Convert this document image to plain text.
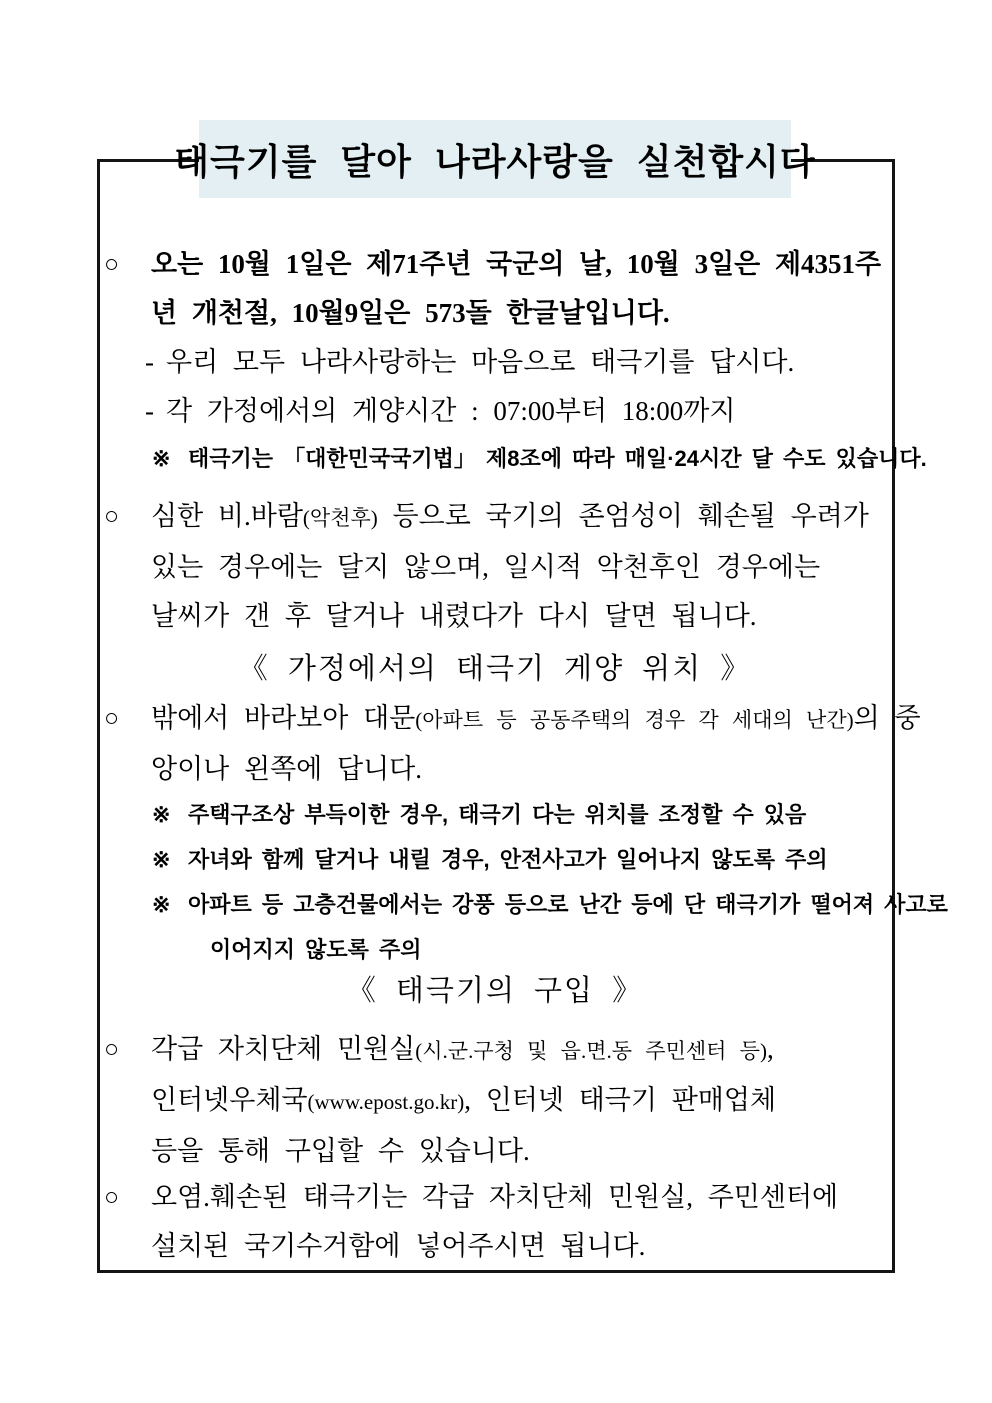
태극기를 달아 나라사랑을 실천합시다
○ 오는 10월 1일은 제71주년 국군의 날, 10월 3일은 제4351주
년 개천절, 10월9일은 573돌 한글날입니다.
- 우리 모두 나라사랑하는 마음으로 태극기를 답시다.
- 각 가정에서의 게양시간 : 07:00부터 18:00까지
※ 태극기는 「대한민국국기법」 제8조에 따라 매일·24시간 달 수도 있습니다.
○ 심한 비.바람(악천후) 등으로 국기의 존엄성이 훼손될 우려가
있는 경우에는 달지 않으며, 일시적 악천후인 경우에는
날씨가 갠 후 달거나 내렸다가 다시 달면 됩니다.
《 가정에서의 태극기 게양 위치 》
○ 밖에서 바라보아 대문(아파트 등 공동주택의 경우 각 세대의 난간)의 중
앙이나 왼쪽에 답니다.
※ 주택구조상 부득이한 경우, 태극기 다는 위치를 조정할 수 있음
※ 자녀와 함께 달거나 내릴 경우, 안전사고가 일어나지 않도록 주의
※ 아파트 등 고층건물에서는 강풍 등으로 난간 등에 단 태극기가 떨어져 사고로
이어지지 않도록 주의
《 태극기의 구입 》
○ 각급 자치단체 민원실(시.군.구청 및 읍.면.동 주민센터 등),
인터넷우체국(www.epost.go.kr), 인터넷 태극기 판매업체
등을 통해 구입할 수 있습니다.
○ 오염.훼손된 태극기는 각급 자치단체 민원실, 주민센터에
설치된 국기수거함에 넣어주시면 됩니다.
